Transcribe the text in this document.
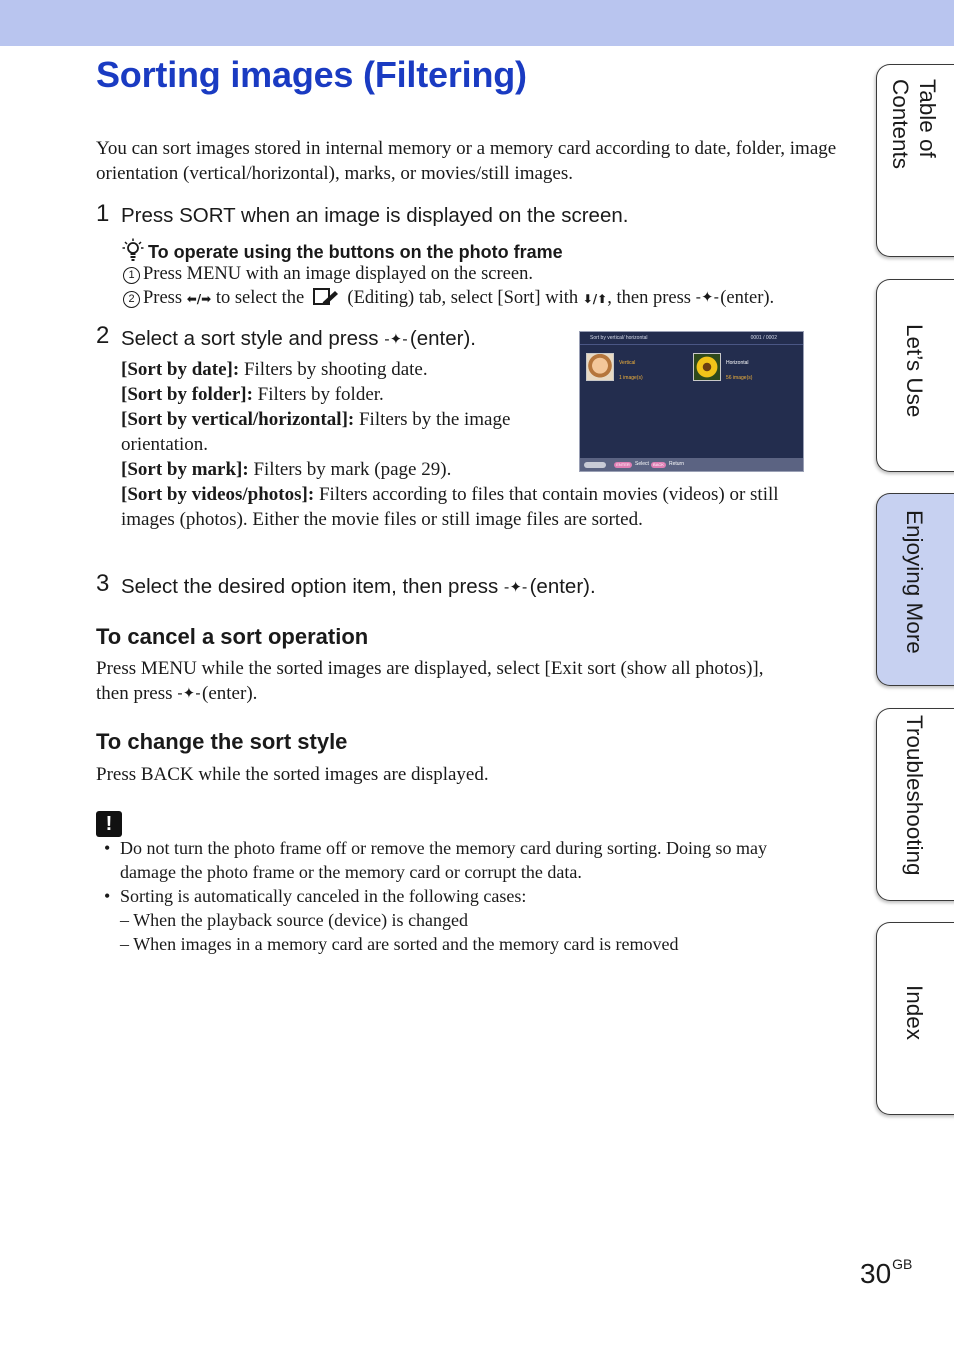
Sorting images (Filtering)
You can sort images stored in internal memory or a memory card according to date, folder, image orientation (vertical/horizontal), marks, or movies/still images.
1 Press SORT when an image is displayed on the screen.
To operate using the buttons on the photo frame
1 Press MENU with an image displayed on the screen.
2 Press ⬅/➡ to select the (Editing) tab, select [Sort] with ⬇/⬆, then press -✦- (enter).
2 Select a sort style and press -✦- (enter).	Sort by vertical/ horizontal	0001 / 0002
Vertical
1 image(s)
Horizontal
56 image(s)
ENTER	Select	BACK	Return
[Sort by date]: Filters by shooting date.
[Sort by folder]: Filters by folder.
[Sort by vertical/horizontal]: Filters by the image orientation.
[Sort by mark]: Filters by mark (page 29).
[Sort by videos/photos]: Filters according to files that contain movies (videos) or still images (photos). Either the movie files or still image files are sorted.
3 Select the desired option item, then press -✦- (enter).
To cancel a sort operation
Press MENU while the sorted images are displayed, select [Exit sort (show all photos)],
then press -✦- (enter).
To change the sort style
Press BACK while the sorted images are displayed.
!
• Do not turn the photo frame off or remove the memory card during sorting. Doing so may damage the photo frame or the memory card or corrupt the data.
• Sorting is automatically canceled in the following cases:
– When the playback source (device) is changed
– When images in a memory card are sorted and the memory card is removed
Table of Contents
Let’s Use
Enjoying More
Troubleshooting
Index
$30^{GB}$
